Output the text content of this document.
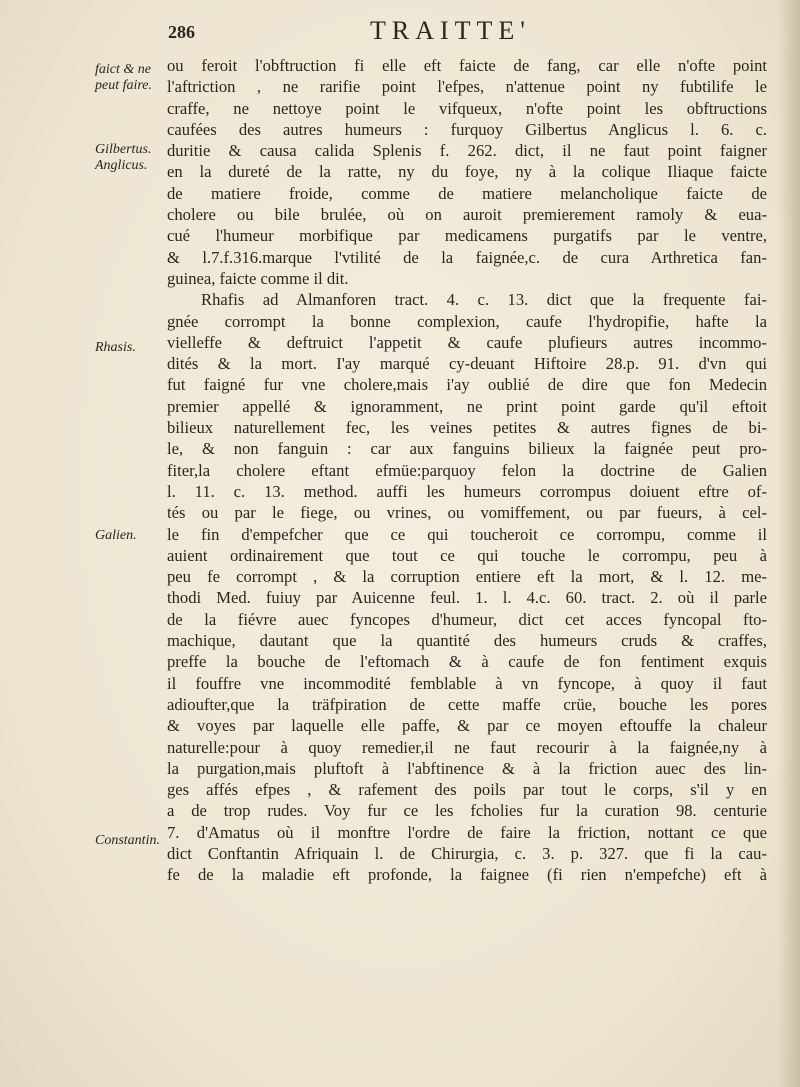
286	TRAITTE'
faict & ne peut faire.
Gilbertus. Anglicus.
Rhasis.
Galien.
Constantin.
ou feroit l'obftruction fi elle eft faicte de fang, car elle n'ofte point
l'aftriction , ne rarifie point l'efpes, n'attenue point ny fubtilife le
craffe, ne nettoye point le vifqueux, n'ofte point les obftructions
caufées des autres humeurs : furquoy Gilbertus Anglicus l. 6. c.
duritie & causa calida Splenis f. 262. dict, il ne faut point faigner
en la dureté de la ratte, ny du foye, ny à la colique Iliaque faicte
de matiere froide, comme de matiere melancholique faicte de
cholere ou bile brulée, où on auroit premierement ramoly & eua-
cué l'humeur morbifique par medicamens purgatifs par le ventre,
& l.7.f.316.marque l'vtilité de la faignée,c. de cura Arthretica fan-
guinea, faicte comme il dit.
Rhafis ad Almanforen tract. 4. c. 13. dict que la frequente fai-
gnée corrompt la bonne complexion, caufe l'hydropifie, hafte la
vielleffe & deftruict l'appetit & caufe plufieurs autres incommo-
dités & la mort. I'ay marqué cy-deuant Hiftoire 28.p. 91. d'vn qui
fut faigné fur vne cholere,mais i'ay oublié de dire que fon Medecin
premier appellé & ignoramment, ne print point garde qu'il eftoit
bilieux naturellement fec, les veines petites & autres fignes de bi-
le, & non fanguin : car aux fanguins bilieux la faignée peut pro-
fiter,la cholere eftant efmüe:parquoy felon la doctrine de Galien
l. 11. c. 13. method. auffi les humeurs corrompus doiuent eftre of-
tés ou par le fiege, ou vrines, ou vomiffement, ou par fueurs, à cel-
le fin d'empefcher que ce qui toucheroit ce corrompu, comme il
auient ordinairement que tout ce qui touche le corrompu, peu à
peu fe corrompt , & la corruption entiere eft la mort, & l. 12. me-
thodi Med. fuiuy par Auicenne feul. 1. l. 4.c. 60. tract. 2. où il parle
de la fiévre auec fyncopes d'humeur, dict cet acces fyncopal fto-
machique, dautant que la quantité des humeurs cruds & craffes,
preffe la bouche de l'eftomach & à caufe de fon fentiment exquis
il fouffre vne incommodité femblable à vn fyncope, à quoy il faut
adioufter,que la träfpiration de cette maffe crüe, bouche les pores
& voyes par laquelle elle paffe, & par ce moyen eftouffe la chaleur
naturelle:pour à quoy remedier,il ne faut recourir à la faignée,ny à
la purgation,mais pluftoft à l'abftinence & à la friction auec des lin-
ges affés efpes , & rafement des poils par tout le corps, s'il y en
a de trop rudes. Voy fur ce les fcholies fur la curation 98. centurie
7. d'Amatus où il monftre l'ordre de faire la friction, nottant ce que
dict Conftantin Afriquain l. de Chirurgia, c. 3. p. 327. que fi la cau-
fe de la maladie eft profonde, la faignee (fi rien n'empefche) eft à
